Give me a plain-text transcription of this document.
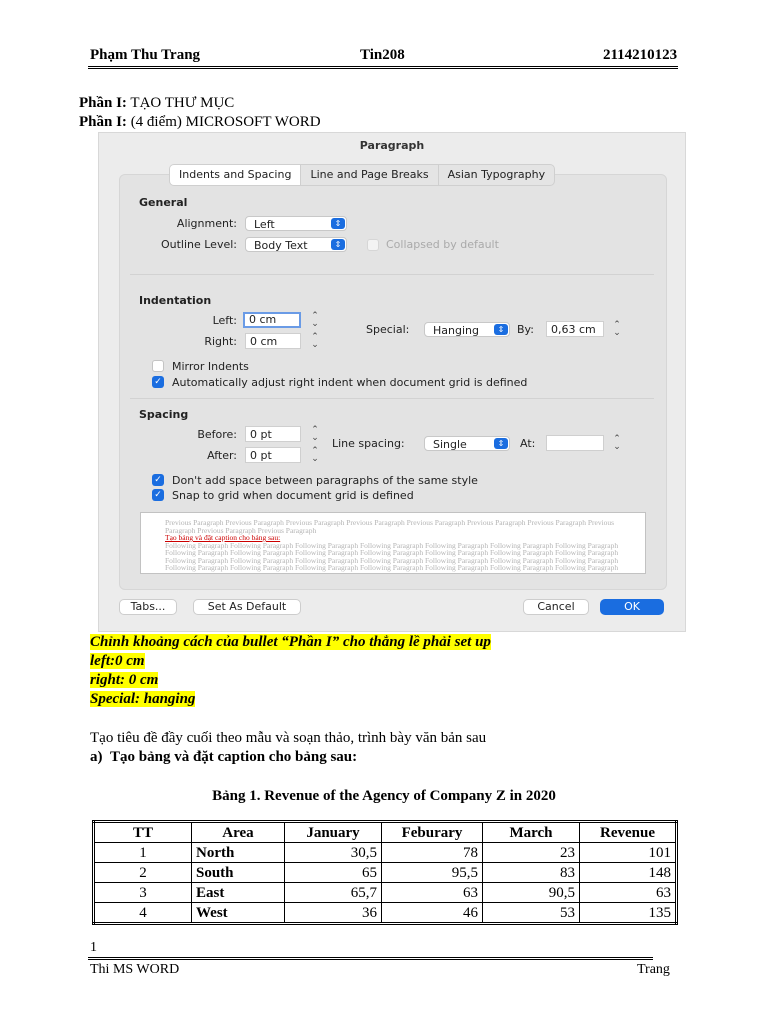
Phạm Thu Trang	Tin208	2114210123
Phần I: TẠO THƯ MỤC
Phần I: (4 điểm) MICROSOFT WORD
Paragraph
General
Alignment:	Left	⇕
Outline Level:	Body Text	⇕	Collapsed by default
Indentation
Left:	0 cm	⌃
⌄
Right:	0 cm	⌃
⌄
Special:	Hanging	⇕	By:	0,63 cm	⌃
⌄
Mirror Indents
✓ Automatically adjust right indent when document grid is defined
Spacing
Before:	0 pt	⌃
⌄
After:	0 pt	⌃
⌄
Line spacing:	Single	⇕	At:	⌃
⌄
✓ Don't add space between paragraphs of the same style
✓ Snap to grid when document grid is defined
Previous Paragraph Previous Paragraph Previous Paragraph Previous Paragraph Previous Paragraph Previous Paragraph Previous Paragraph Previous Paragraph Previous Paragraph Previous Paragraph
Tạo bảng và đặt caption cho bảng sau:
Following Paragraph Following Paragraph Following Paragraph Following Paragraph Following Paragraph Following Paragraph Following Paragraph Following Paragraph Following Paragraph Following Paragraph Following Paragraph Following Paragraph Following Paragraph Following Paragraph Following Paragraph Following Paragraph Following Paragraph Following Paragraph Following Paragraph Following Paragraph Following Paragraph Following Paragraph Following Paragraph Following Paragraph Following Paragraph Following Paragraph Following Paragraph Following Paragraph
Indents and Spacing	Line and Page Breaks	Asian Typography
Tabs...	Set As Default	Cancel	OK
Chỉnh khoảng cách của bullet “Phần I” cho thẳng lề phải set up
left:0 cm
right: 0 cm
Special: hanging
Tạo tiêu đề đầy cuối theo mẫu và soạn thảo, trình bày văn bản sau
a) Tạo bảng và đặt caption cho bảng sau:
Bảng 1. Revenue of the Agency of Company Z in 2020
TT	Area	January	Feburary	March	Revenue
1	North	30,5	78	23	101
2	South	65	95,5	83	148
3	East	65,7	63	90,5	63
4	West	36	46	53	135
1
Thi MS WORD	Trang
